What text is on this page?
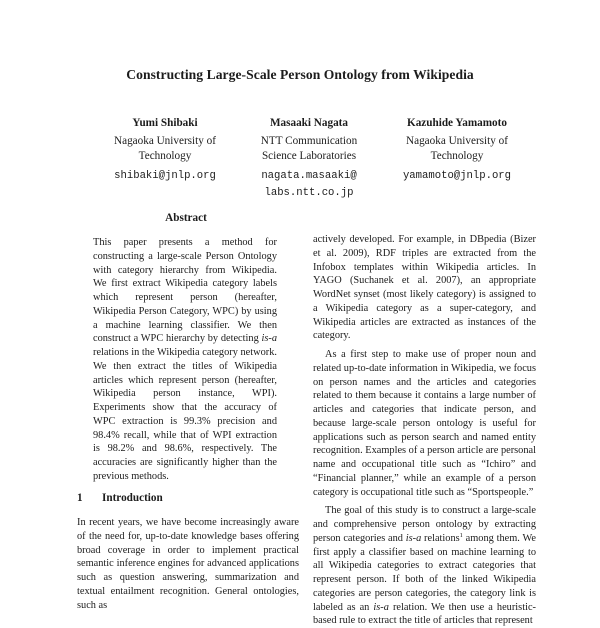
Constructing Large-Scale Person Ontology from Wikipedia
Yumi Shibaki
Nagaoka University of
Technology
shibaki@jnlp.org
Masaaki Nagata
NTT Communication
Science Laboratories
nagata.masaaki@
labs.ntt.co.jp
Kazuhide Yamamoto
Nagaoka University of
Technology
yamamoto@jnlp.org
Abstract

This paper presents a method for constructing a large-scale Person Ontology with category hierarchy from Wikipedia. We first extract Wikipedia category labels which represent person (hereafter, Wikipedia Person Category, WPC) by using a machine learning classifier. We then construct a WPC hierarchy by detecting is-a relations in the Wikipedia category network. We then extract the titles of Wikipedia articles which represent person (hereafter, Wikipedia person instance, WPI). Experiments show that the accuracy of WPC extraction is 99.3% precision and 98.4% recall, while that of WPI extraction is 98.2% and 98.6%, respectively. The accuracies are significantly higher than the previous methods.

1 Introduction

In recent years, we have become increasingly aware of the need for, up-to-date knowledge bases offering broad coverage in order to implement practical semantic inference engines for advanced applications such as question answering, summarization and textual entailment recognition. General ontologies, such as

actively developed. For example, in DBpedia (Bizer et al. 2009), RDF triples are extracted from the Infobox templates within Wikipedia articles. In YAGO (Suchanek et al. 2007), an appropriate WordNet synset (most likely category) is assigned to a Wikipedia category as a super-category, and Wikipedia articles are extracted as instances of the category.

As a first step to make use of proper noun and related up-to-date information in Wikipedia, we focus on person names and the articles and categories related to them because it contains a large number of articles and categories that indicate person, and because large-scale person ontology is useful for applications such as person search and named entity recognition. Examples of a person article are personal name and occupational title such as “Ichiro” and “Financial planner,” while an example of a person category is occupational title such as “Sportspeople.”

The goal of this study is to construct a large-scale and comprehensive person ontology by extracting person categories and is-a relations$^1$ among them. We first apply a classifier based on machine learning to all Wikipedia categories to extract categories that represent person. If both of the linked Wikipedia categories are person categories, the category link is labeled as an is-a relation. We then use a heuristic-based rule to extract the title of articles that represent
